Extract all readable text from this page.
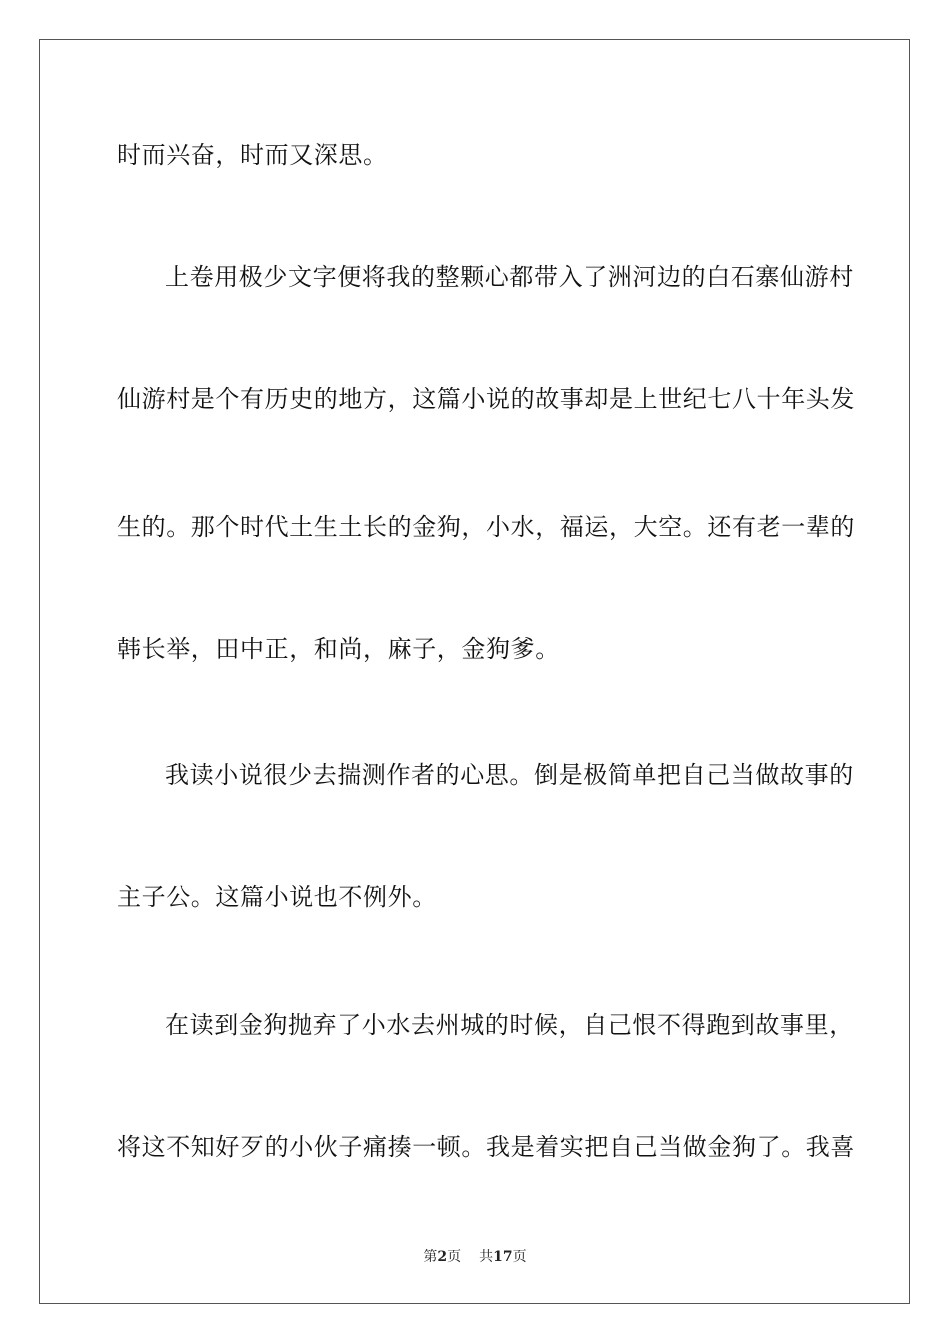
时而兴奋，时而又深思。
上卷用极少文字便将我的整颗心都带入了洲河边的白石寨仙游村
仙游村是个有历史的地方，这篇小说的故事却是上世纪七八十年头发
生的。那个时代土生土长的金狗，小水，福运，大空。还有老一辈的
韩长举，田中正，和尚，麻子，金狗爹。
我读小说很少去揣测作者的心思。倒是极简单把自己当做故事的
主子公。这篇小说也不例外。
在读到金狗抛弃了小水去州城的时候，自己恨不得跑到故事里，
将这不知好歹的小伙子痛揍一顿。我是着实把自己当做金狗了。我喜
第2页 共17页
